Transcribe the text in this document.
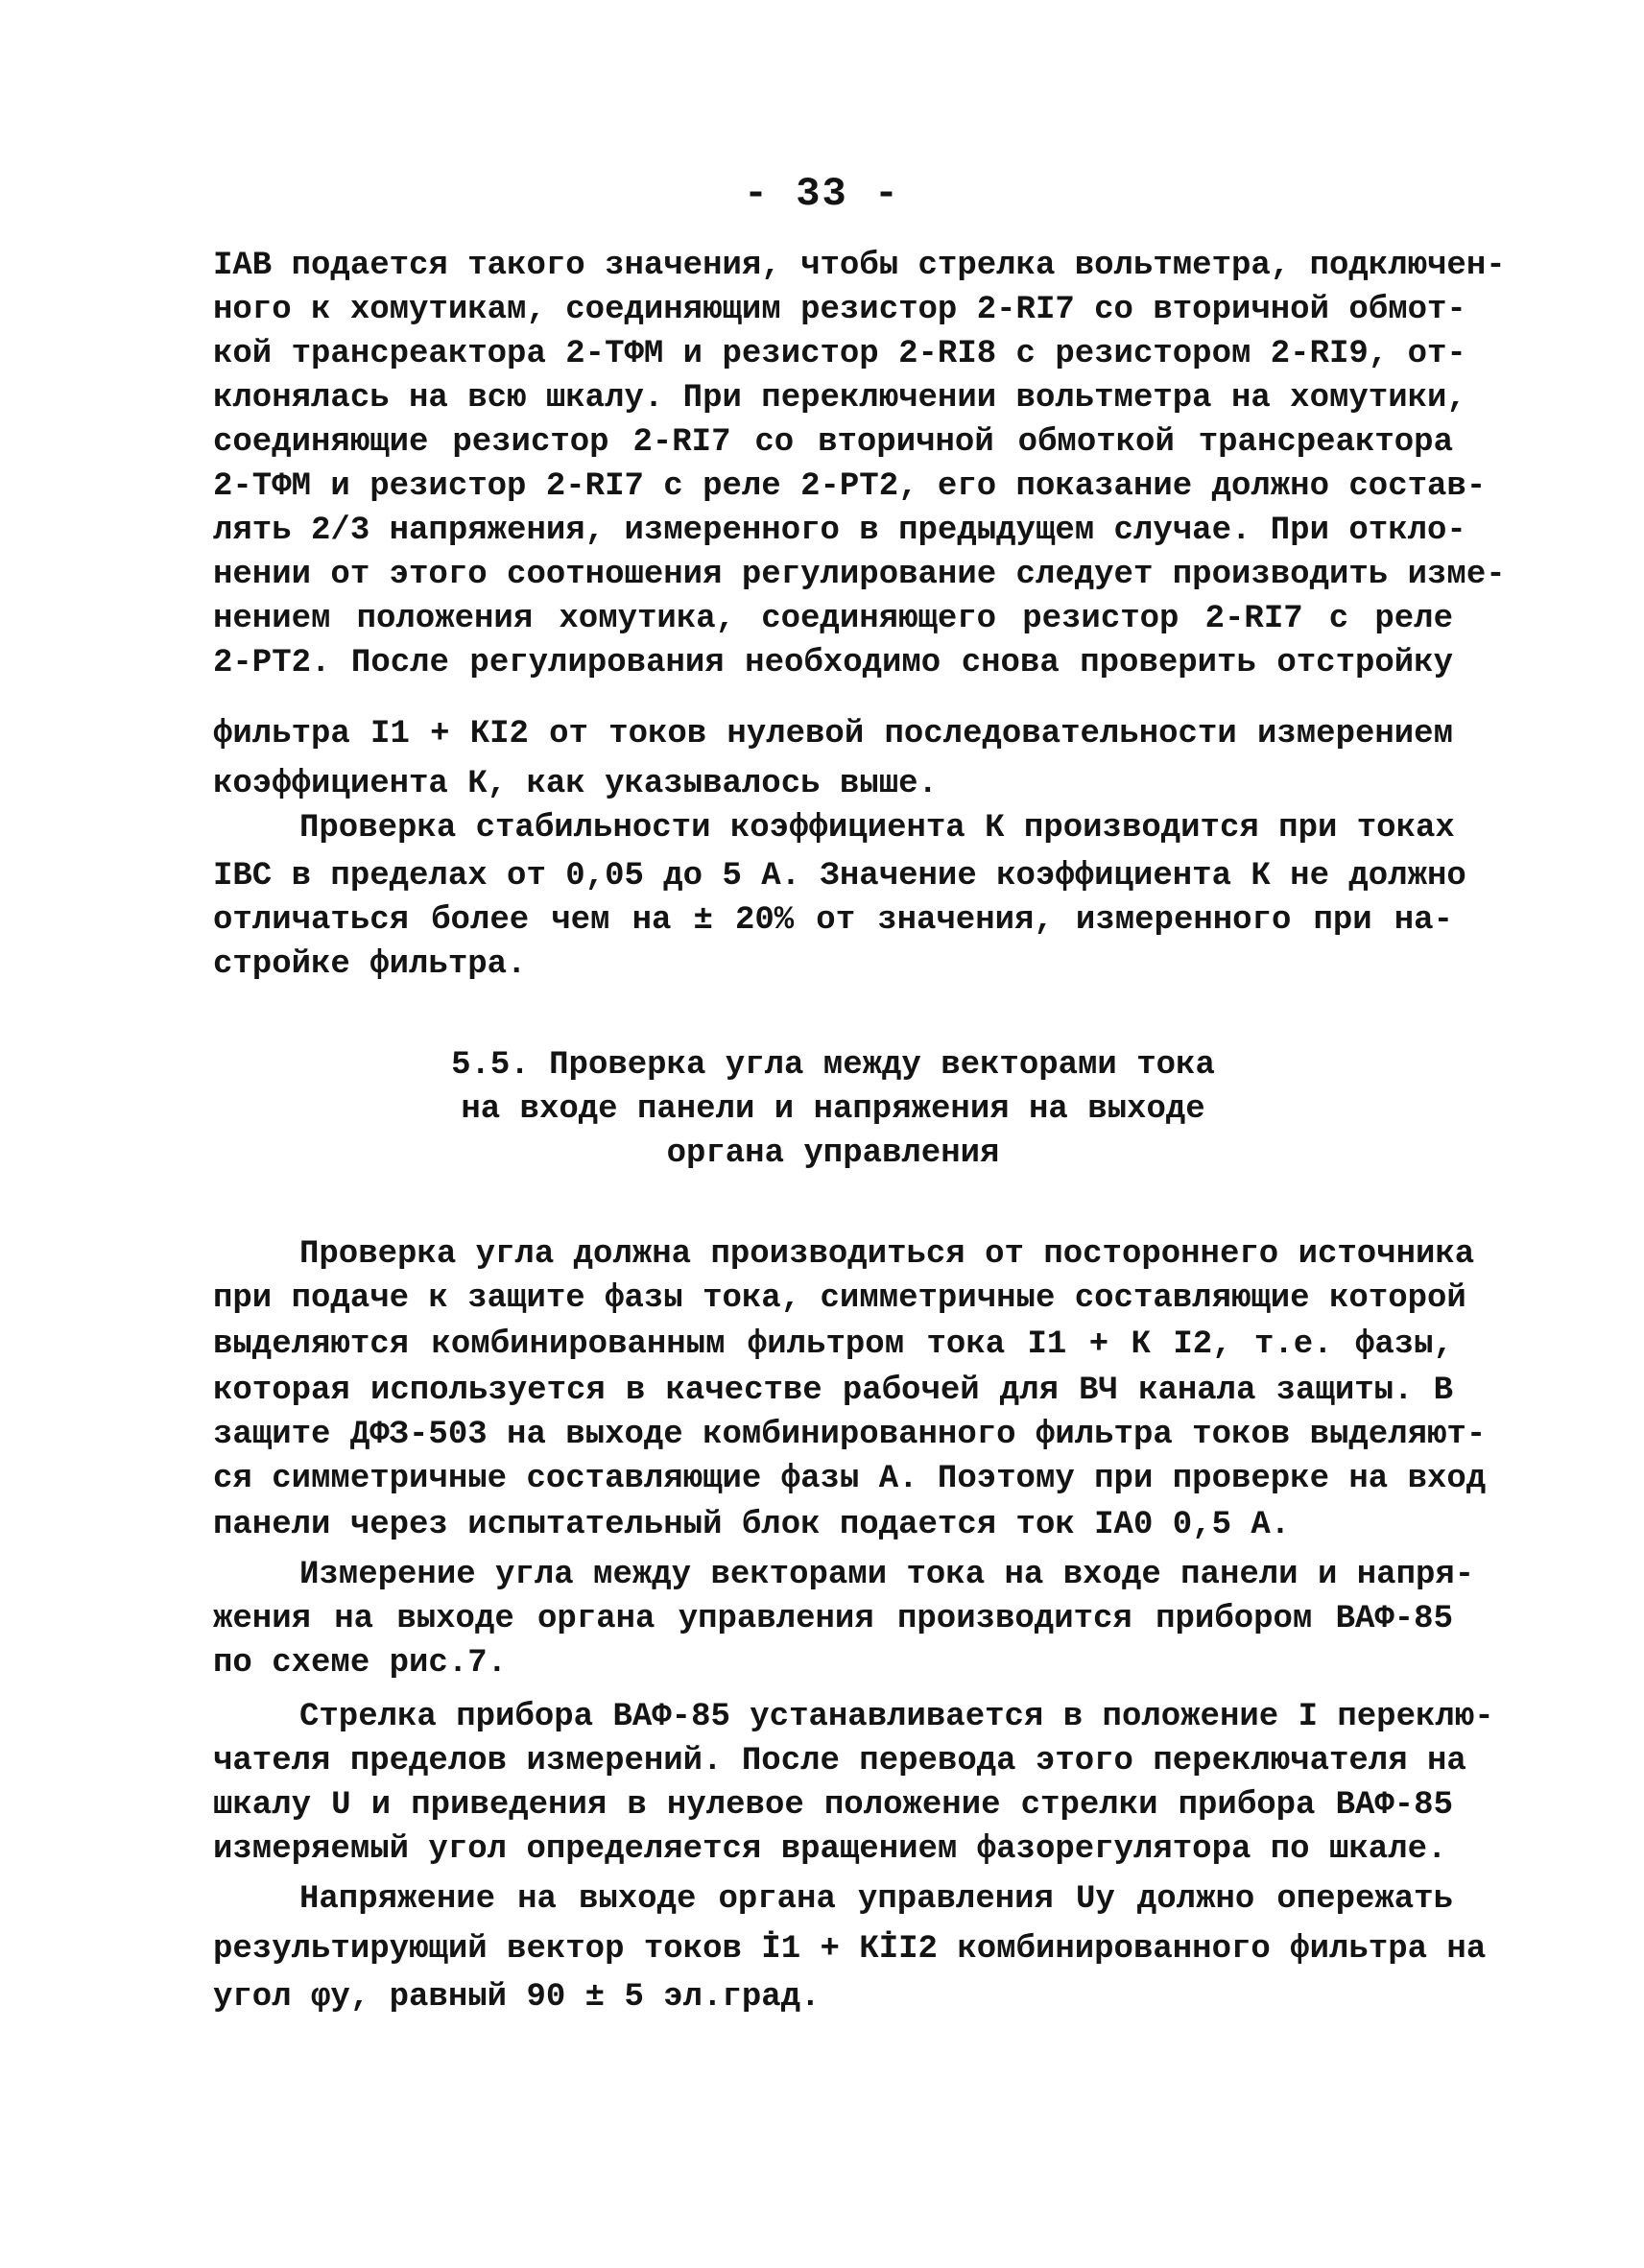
- 33 -

IАВ подается такого значения, чтобы стрелка вольтметра, подключен-

ного к хомутикам, соединяющим резистор 2-RI7 со вторичной обмот-

кой трансреактора 2-ТФМ и резистор 2-RI8 с резистором 2-RI9, от-

клонялась на всю шкалу. При переключении вольтметра на хомутики,

соединяющие резистор 2-RI7 со вторичной обмоткой трансреактора

2-ТФМ и резистор 2-RI7 с реле 2-РТ2, его показание должно состав-

лять 2/3 напряжения, измеренного в предыдущем случае. При откло-

нении от этого соотношения регулирование следует производить изме-

нением положения хомутика, соединяющего резистор 2-RI7 с реле

2-РТ2. После регулирования необходимо снова проверить отстройку

фильтра I1 + КI2 от токов нулевой последовательности измерением

коэффициента К, как указывалось выше.

Проверка стабильности коэффициента К производится при токах

IВС в пределах от 0,05 до 5 А. Значение коэффициента К не должно

отличаться более чем на ± 20% от значения, измеренного при на-

стройке фильтра.

5.5. Проверка угла между векторами тока

на входе панели и напряжения на выходе

органа управления

Проверка угла должна производиться от постороннего источника

при подаче к защите фазы тока, симметричные составляющие которой

выделяются комбинированным фильтром тока I1 + К I2, т.е. фазы,

которая используется в качестве рабочей для ВЧ канала защиты. В

защите ДФЗ-503 на выходе комбинированного фильтра токов выделяют-

ся симметричные составляющие фазы А. Поэтому при проверке на вход

панели через испытательный блок подается ток IА0 0,5 А.

Измерение угла между векторами тока на входе панели и напря-

жения на выходе органа управления производится прибором ВАФ-85

по схеме рис.7.

Стрелка прибора ВАФ-85 устанавливается в положение I переклю-

чателя пределов измерений. После перевода этого переключателя на

шкалу U и приведения в нулевое положение стрелки прибора ВАФ-85

измеряемый угол определяется вращением фазорегулятора по шкале.

Напряжение на выходе органа управления Uу должно опережать

результирующий вектор токов İ1 + КİІ2 комбинированного фильтра на

угол φу, равный 90 ± 5 эл.град.
